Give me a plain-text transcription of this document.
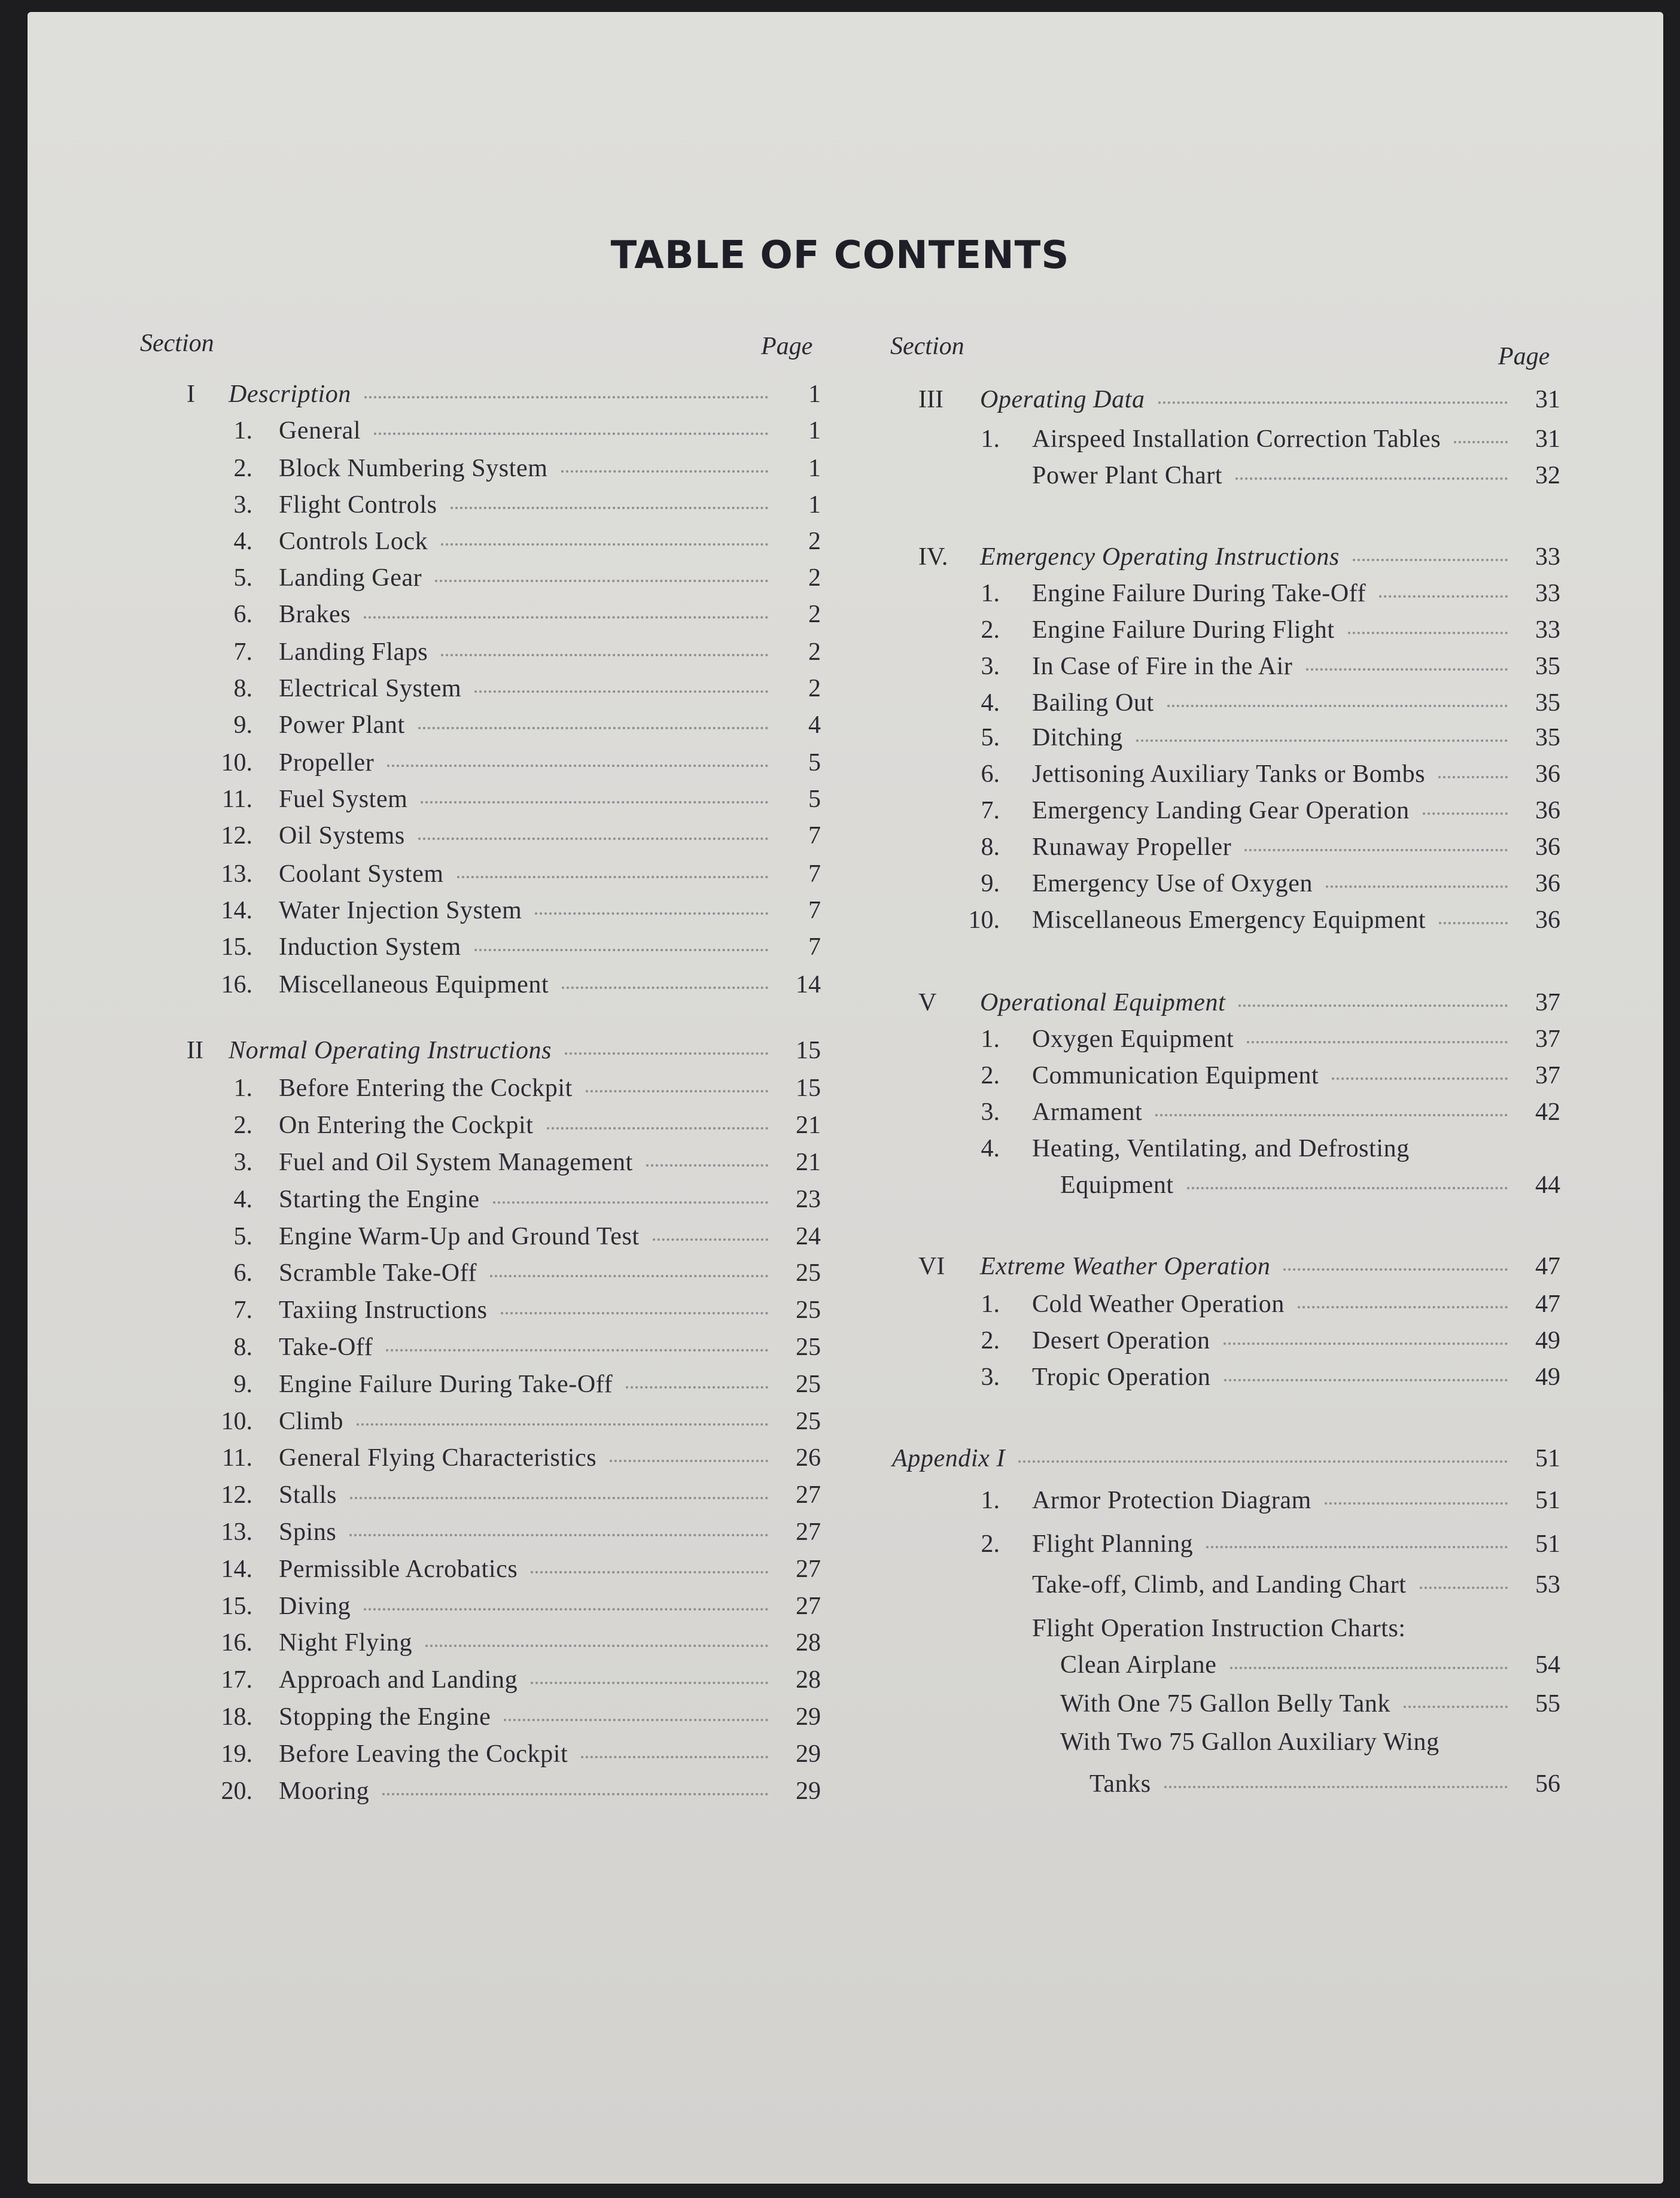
TABLE OF CONTENTS
Section	Page	Section	Page
I	Description	1
1. General	1
2. Block Numbering System	1
3. Flight Controls	1
4. Controls Lock	2
5. Landing Gear	2
6. Brakes	2
7. Landing Flaps	2
8. Electrical System	2
9. Power Plant	4
10. Propeller	5
11. Fuel System	5
12. Oil Systems	7
13. Coolant System	7
14. Water Injection System	7
15. Induction System	7
16. Miscellaneous Equipment	14
II	Normal Operating Instructions	15
1. Before Entering the Cockpit	15
2. On Entering the Cockpit	21
3. Fuel and Oil System Management	21
4. Starting the Engine	23
5. Engine Warm-Up and Ground Test	24
6. Scramble Take-Off	25
7. Taxiing Instructions	25
8. Take-Off	25
9. Engine Failure During Take-Off	25
10. Climb	25
11. General Flying Characteristics	26
12. Stalls	27
13. Spins	27
14. Permissible Acrobatics	27
15. Diving	27
16. Night Flying	28
17. Approach and Landing	28
18. Stopping the Engine	29
19. Before Leaving the Cockpit	29
20. Mooring	29
III	Operating Data	31
1. Airspeed Installation Correction Tables	31
Power Plant Chart	32
IV.	Emergency Operating Instructions	33
1. Engine Failure During Take-Off	33
2. Engine Failure During Flight	33
3. In Case of Fire in the Air	35
4. Bailing Out	35
5. Ditching	35
6. Jettisoning Auxiliary Tanks or Bombs	36
7. Emergency Landing Gear Operation	36
8. Runaway Propeller	36
9. Emergency Use of Oxygen	36
10. Miscellaneous Emergency Equipment	36
V	Operational Equipment	37
1. Oxygen Equipment	37
2. Communication Equipment	37
3. Armament	42
4. Heating, Ventilating, and Defrosting
Equipment	44
VI	Extreme Weather Operation	47
1. Cold Weather Operation	47
2. Desert Operation	49
3. Tropic Operation	49
Appendix I	51
1. Armor Protection Diagram	51
2. Flight Planning	51
Take-off, Climb, and Landing Chart	53
Flight Operation Instruction Charts:
Clean Airplane	54
With One 75 Gallon Belly Tank	55
With Two 75 Gallon Auxiliary Wing
Tanks	56
